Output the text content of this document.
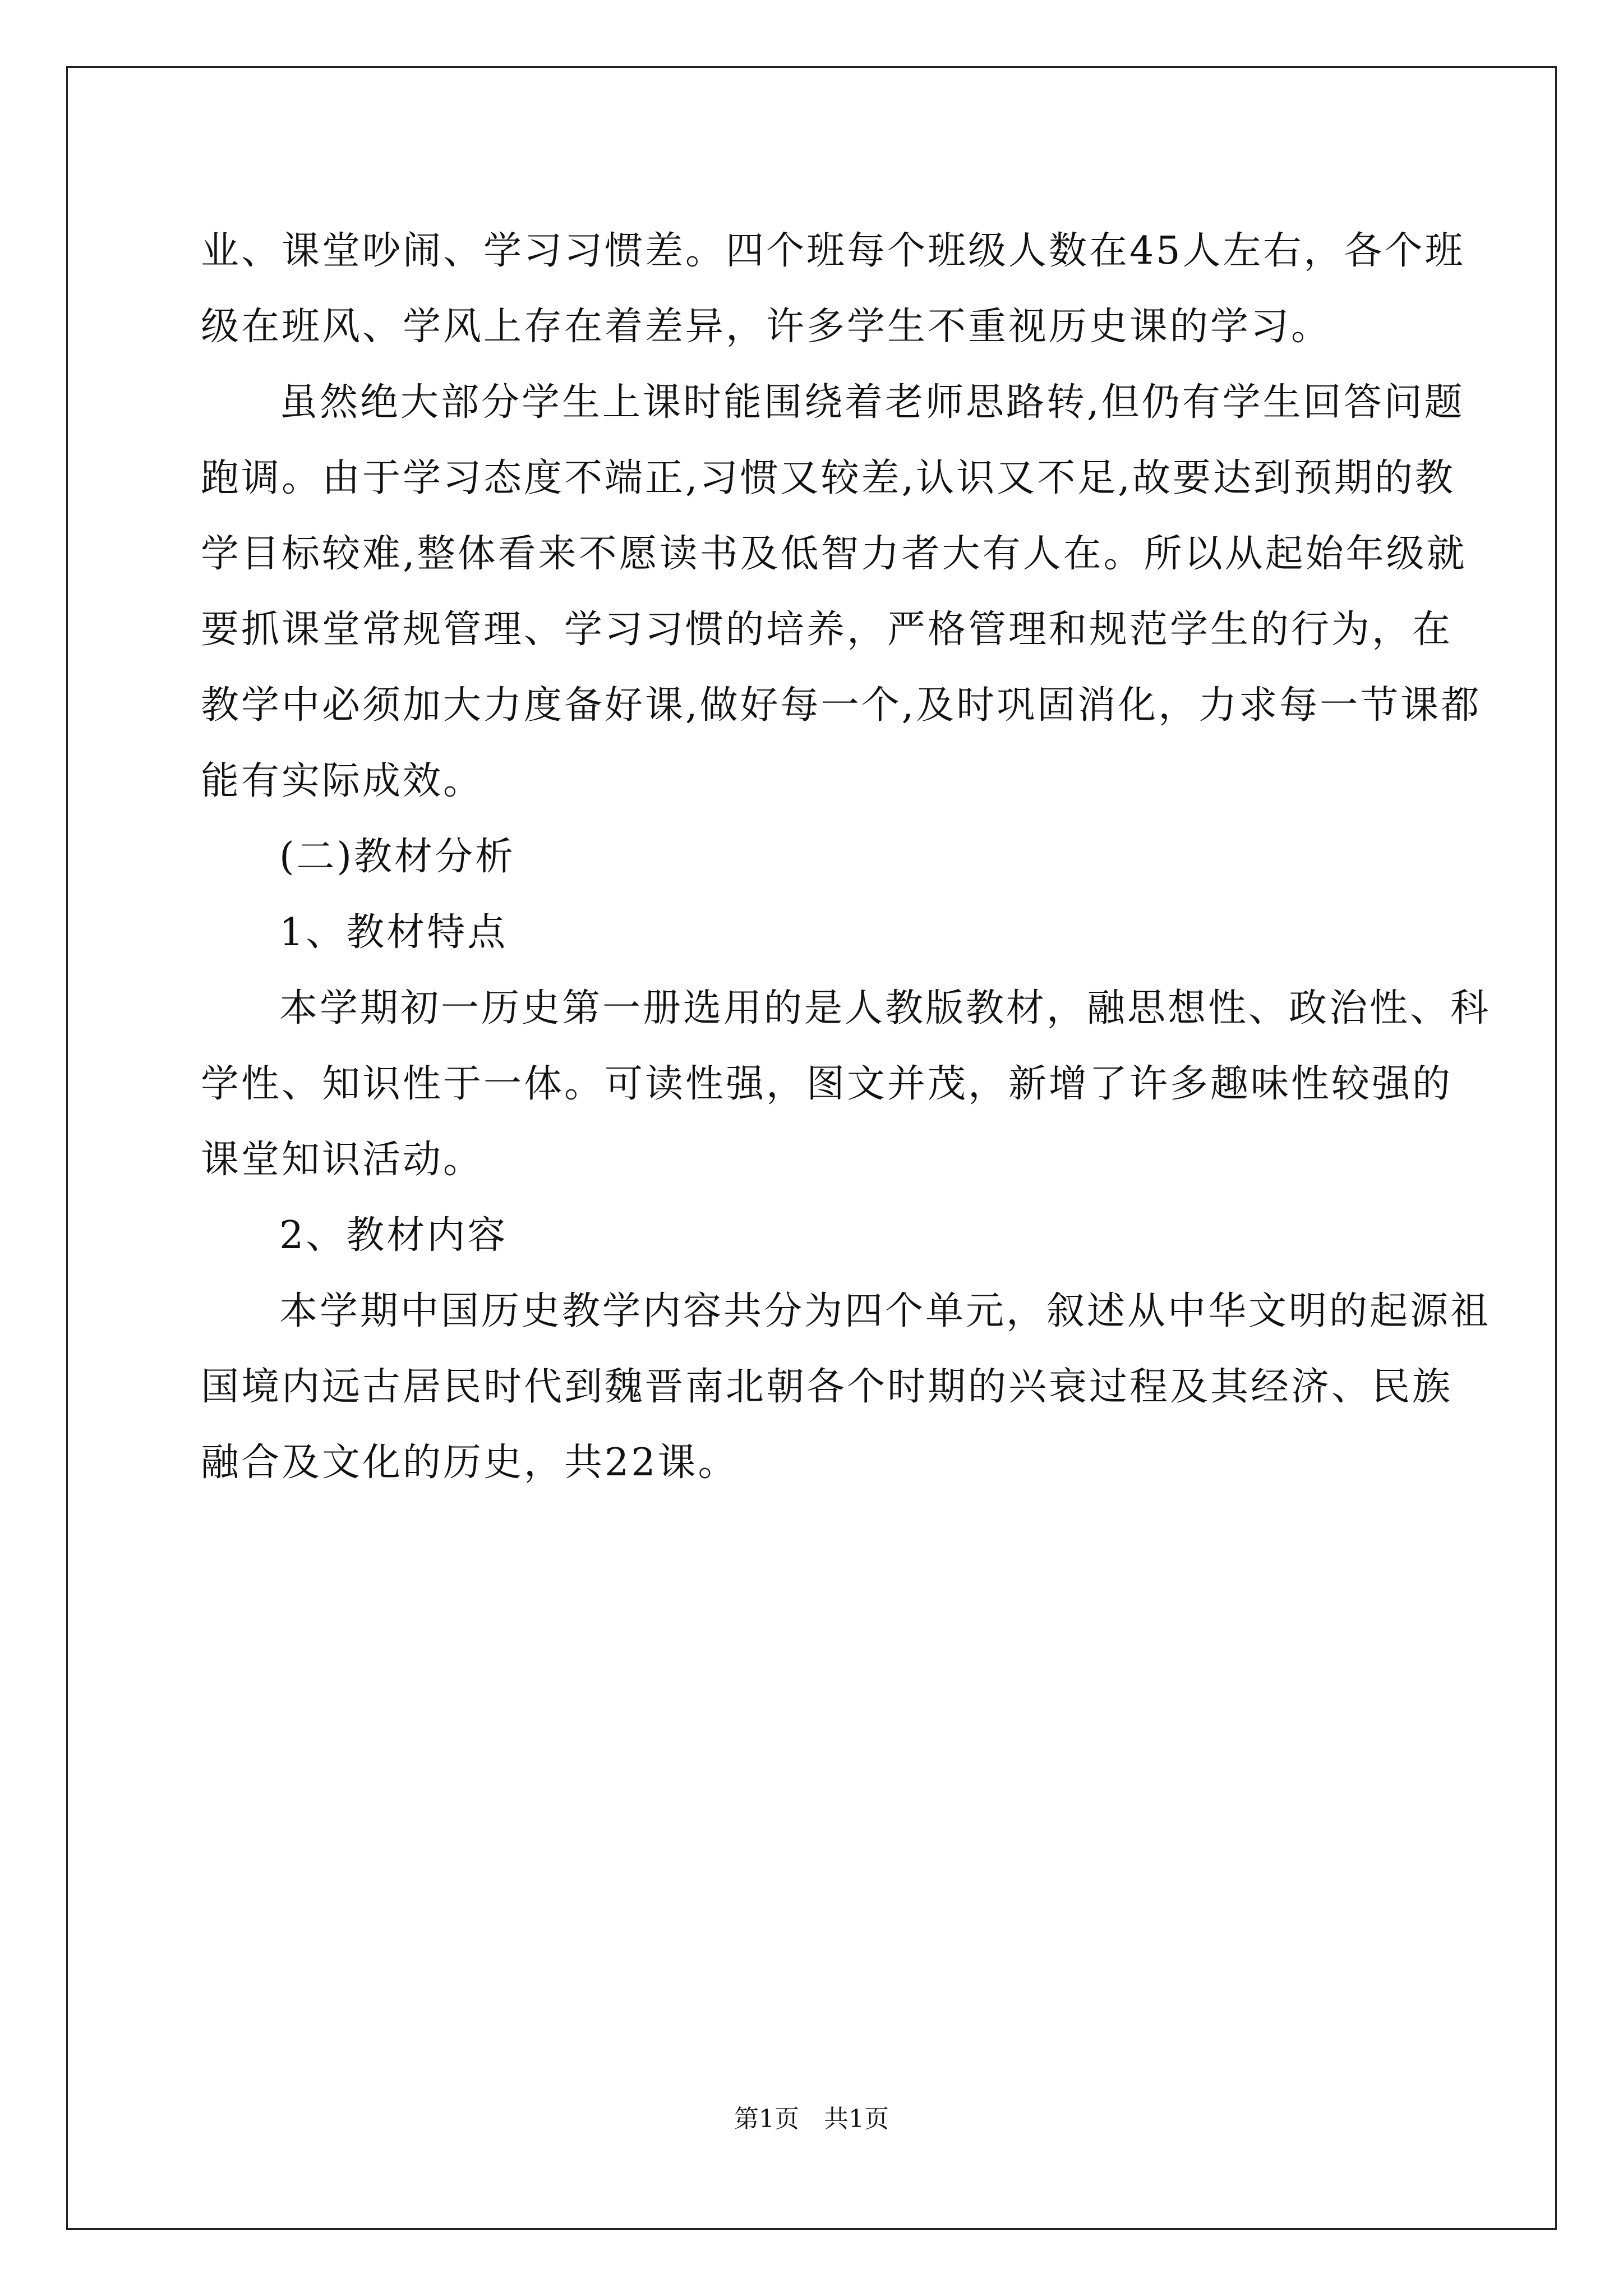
业、课堂吵闹、学习习惯差。四个班每个班级人数在45人左右，各个班级在班风、学风上存在着差异，许多学生不重视历史课的学习。

虽然绝大部分学生上课时能围绕着老师思路转,但仍有学生回答问题跑调。由于学习态度不端正,习惯又较差,认识又不足,故要达到预期的教学目标较难,整体看来不愿读书及低智力者大有人在。所以从起始年级就要抓课堂常规管理、学习习惯的培养，严格管理和规范学生的行为，在教学中必须加大力度备好课,做好每一个,及时巩固消化，力求每一节课都能有实际成效。

(二)教材分析

1、教材特点

本学期初一历史第一册选用的是人教版教材，融思想性、政治性、科学性、知识性于一体。可读性强，图文并茂，新增了许多趣味性较强的课堂知识活动。

2、教材内容

本学期中国历史教学内容共分为四个单元，叙述从中华文明的起源祖国境内远古居民时代到魏晋南北朝各个时期的兴衰过程及其经济、民族融合及文化的历史，共22课。

第1页　共1页
